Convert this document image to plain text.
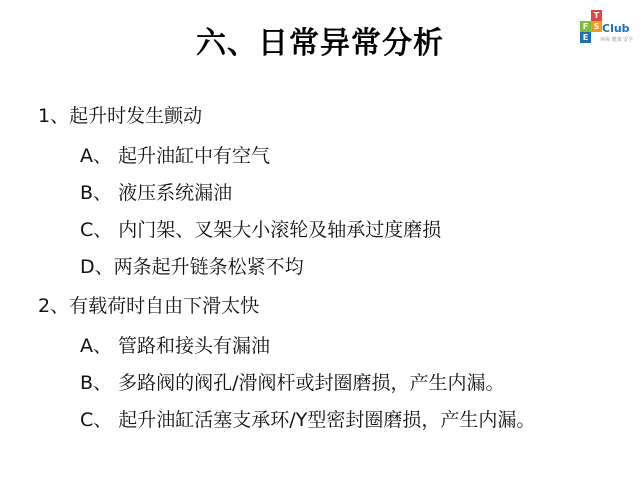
六、日常异常分析
T
F S
E
Club
环保 健康 安全
1、起升时发生颤动
A、 起升油缸中有空气
B、 液压系统漏油
C、 内门架、叉架大小滚轮及轴承过度磨损
D、两条起升链条松紧不均
2、有载荷时自由下滑太快
A、 管路和接头有漏油
B、 多路阀的阀孔/滑阀杆或封圈磨损，产生内漏。
C、 起升油缸活塞支承环/Y型密封圈磨损，产生内漏。
